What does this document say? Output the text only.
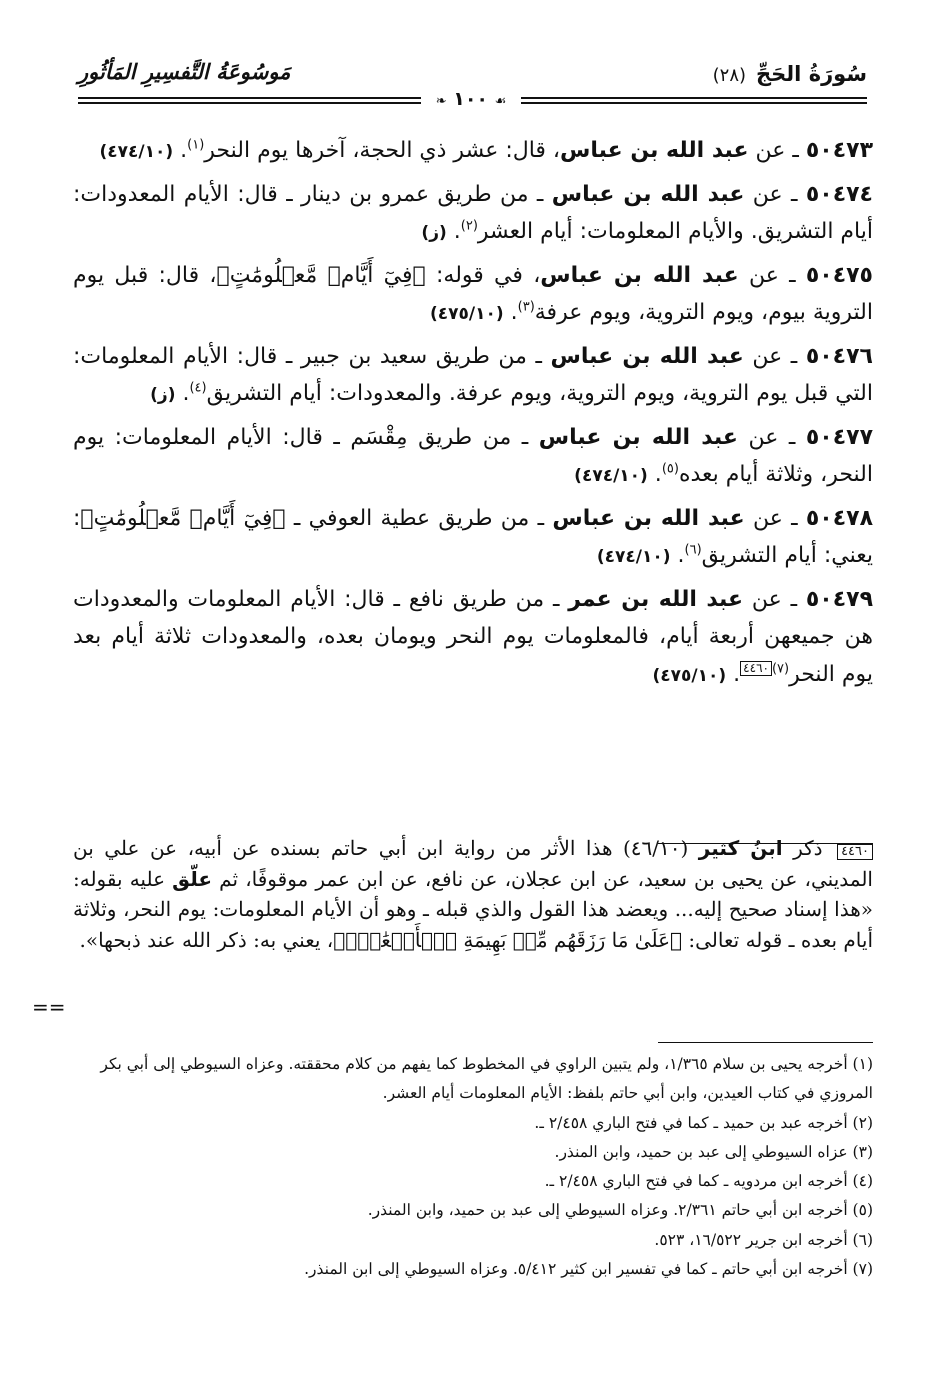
سُورَةُ الحَجِّ(٢٨)
مَوسُوعَةُ التَّفسِيرِ المَأثُورِ
❧ ١٠٠ ☙

٥٠٤٧٣ ـ عن عبد الله بن عباس، قال: عشر ذي الحجة، آخرها يوم النحر$^{(١)}$. (٤٧٤/١٠)

٥٠٤٧٤ ـ عن عبد الله بن عباس ـ من طريق عمرو بن دينار ـ قال: الأيام المعدودات: أيام التشريق. والأيام المعلومات: أيام العشر$^{(٢)}$. (ز)

٥٠٤٧٥ ـ عن عبد الله بن عباس، في قوله: ﴿فِيٓ أَيَّامٖ مَّعۡلُومَٰتٍ﴾، قال: قبل يوم التروية بيوم، ويوم التروية، ويوم عرفة$^{(٣)}$. (٤٧٥/١٠)

٥٠٤٧٦ ـ عن عبد الله بن عباس ـ من طريق سعيد بن جبير ـ قال: الأيام المعلومات: التي قبل يوم التروية، ويوم التروية، ويوم عرفة. والمعدودات: أيام التشريق$^{(٤)}$. (ز)

٥٠٤٧٧ ـ عن عبد الله بن عباس ـ من طريق مِقْسَم ـ قال: الأيام المعلومات: يوم النحر، وثلاثة أيام بعده$^{(٥)}$. (٤٧٤/١٠)

٥٠٤٧٨ ـ عن عبد الله بن عباس ـ من طريق عطية العوفي ـ ﴿فِيٓ أَيَّامٖ مَّعۡلُومَٰتٍ﴾: يعني: أيام التشريق$^{(٦)}$. (٤٧٤/١٠)

٥٠٤٧٩ ـ عن عبد الله بن عمر ـ من طريق نافع ـ قال: الأيام المعلومات والمعدودات هن جميعهن أربعة أيام، فالمعلومات يوم النحر ويومان بعده، والمعدودات ثلاثة أيام بعد يوم النحر$^{(٧)}$٤٤٦٠. (٤٧٥/١٠)

٤٤٦٠ ذكر ابنُ كثير (٤٦/١٠) هذا الأثر من رواية ابن أبي حاتم بسنده عن أبيه، عن علي بن المديني، عن يحيى بن سعيد، عن ابن عجلان، عن نافع، عن ابن عمر موقوفًا، ثم علّق عليه بقوله: «هذا إسناد صحيح إليه... ويعضد هذا القول والذي قبله ـ وهو أن الأيام المعلومات: يوم النحر، وثلاثة أيام بعده ـ قوله تعالى: ﴿عَلَىٰ مَا رَزَقَهُم مِّنۢ بَهِيمَةِ ٱلۡأَنۡعَٰمِۖ﴾، يعني به: ذكر الله عند ذبحها».
==
(١) أخرجه يحيى بن سلام ١/٣٦٥، ولم يتبين الراوي في المخطوط كما يفهم من كلام محققته. وعزاه السيوطي إلى أبي بكر المروزي في كتاب العيدين، وابن أبي حاتم بلفظ: الأيام المعلومات أيام العشر.
(٢) أخرجه عبد بن حميد ـ كما في فتح الباري ٢/٤٥٨ ـ.
(٣) عزاه السيوطي إلى عبد بن حميد، وابن المنذر.
(٤) أخرجه ابن مردويه ـ كما في فتح الباري ٢/٤٥٨ ـ.
(٥) أخرجه ابن أبي حاتم ٢/٣٦١. وعزاه السيوطي إلى عبد بن حميد، وابن المنذر.
(٦) أخرجه ابن جرير ١٦/٥٢٢، ٥٢٣.
(٧) أخرجه ابن أبي حاتم ـ كما في تفسير ابن كثير ٥/٤١٢. وعزاه السيوطي إلى ابن المنذر.
